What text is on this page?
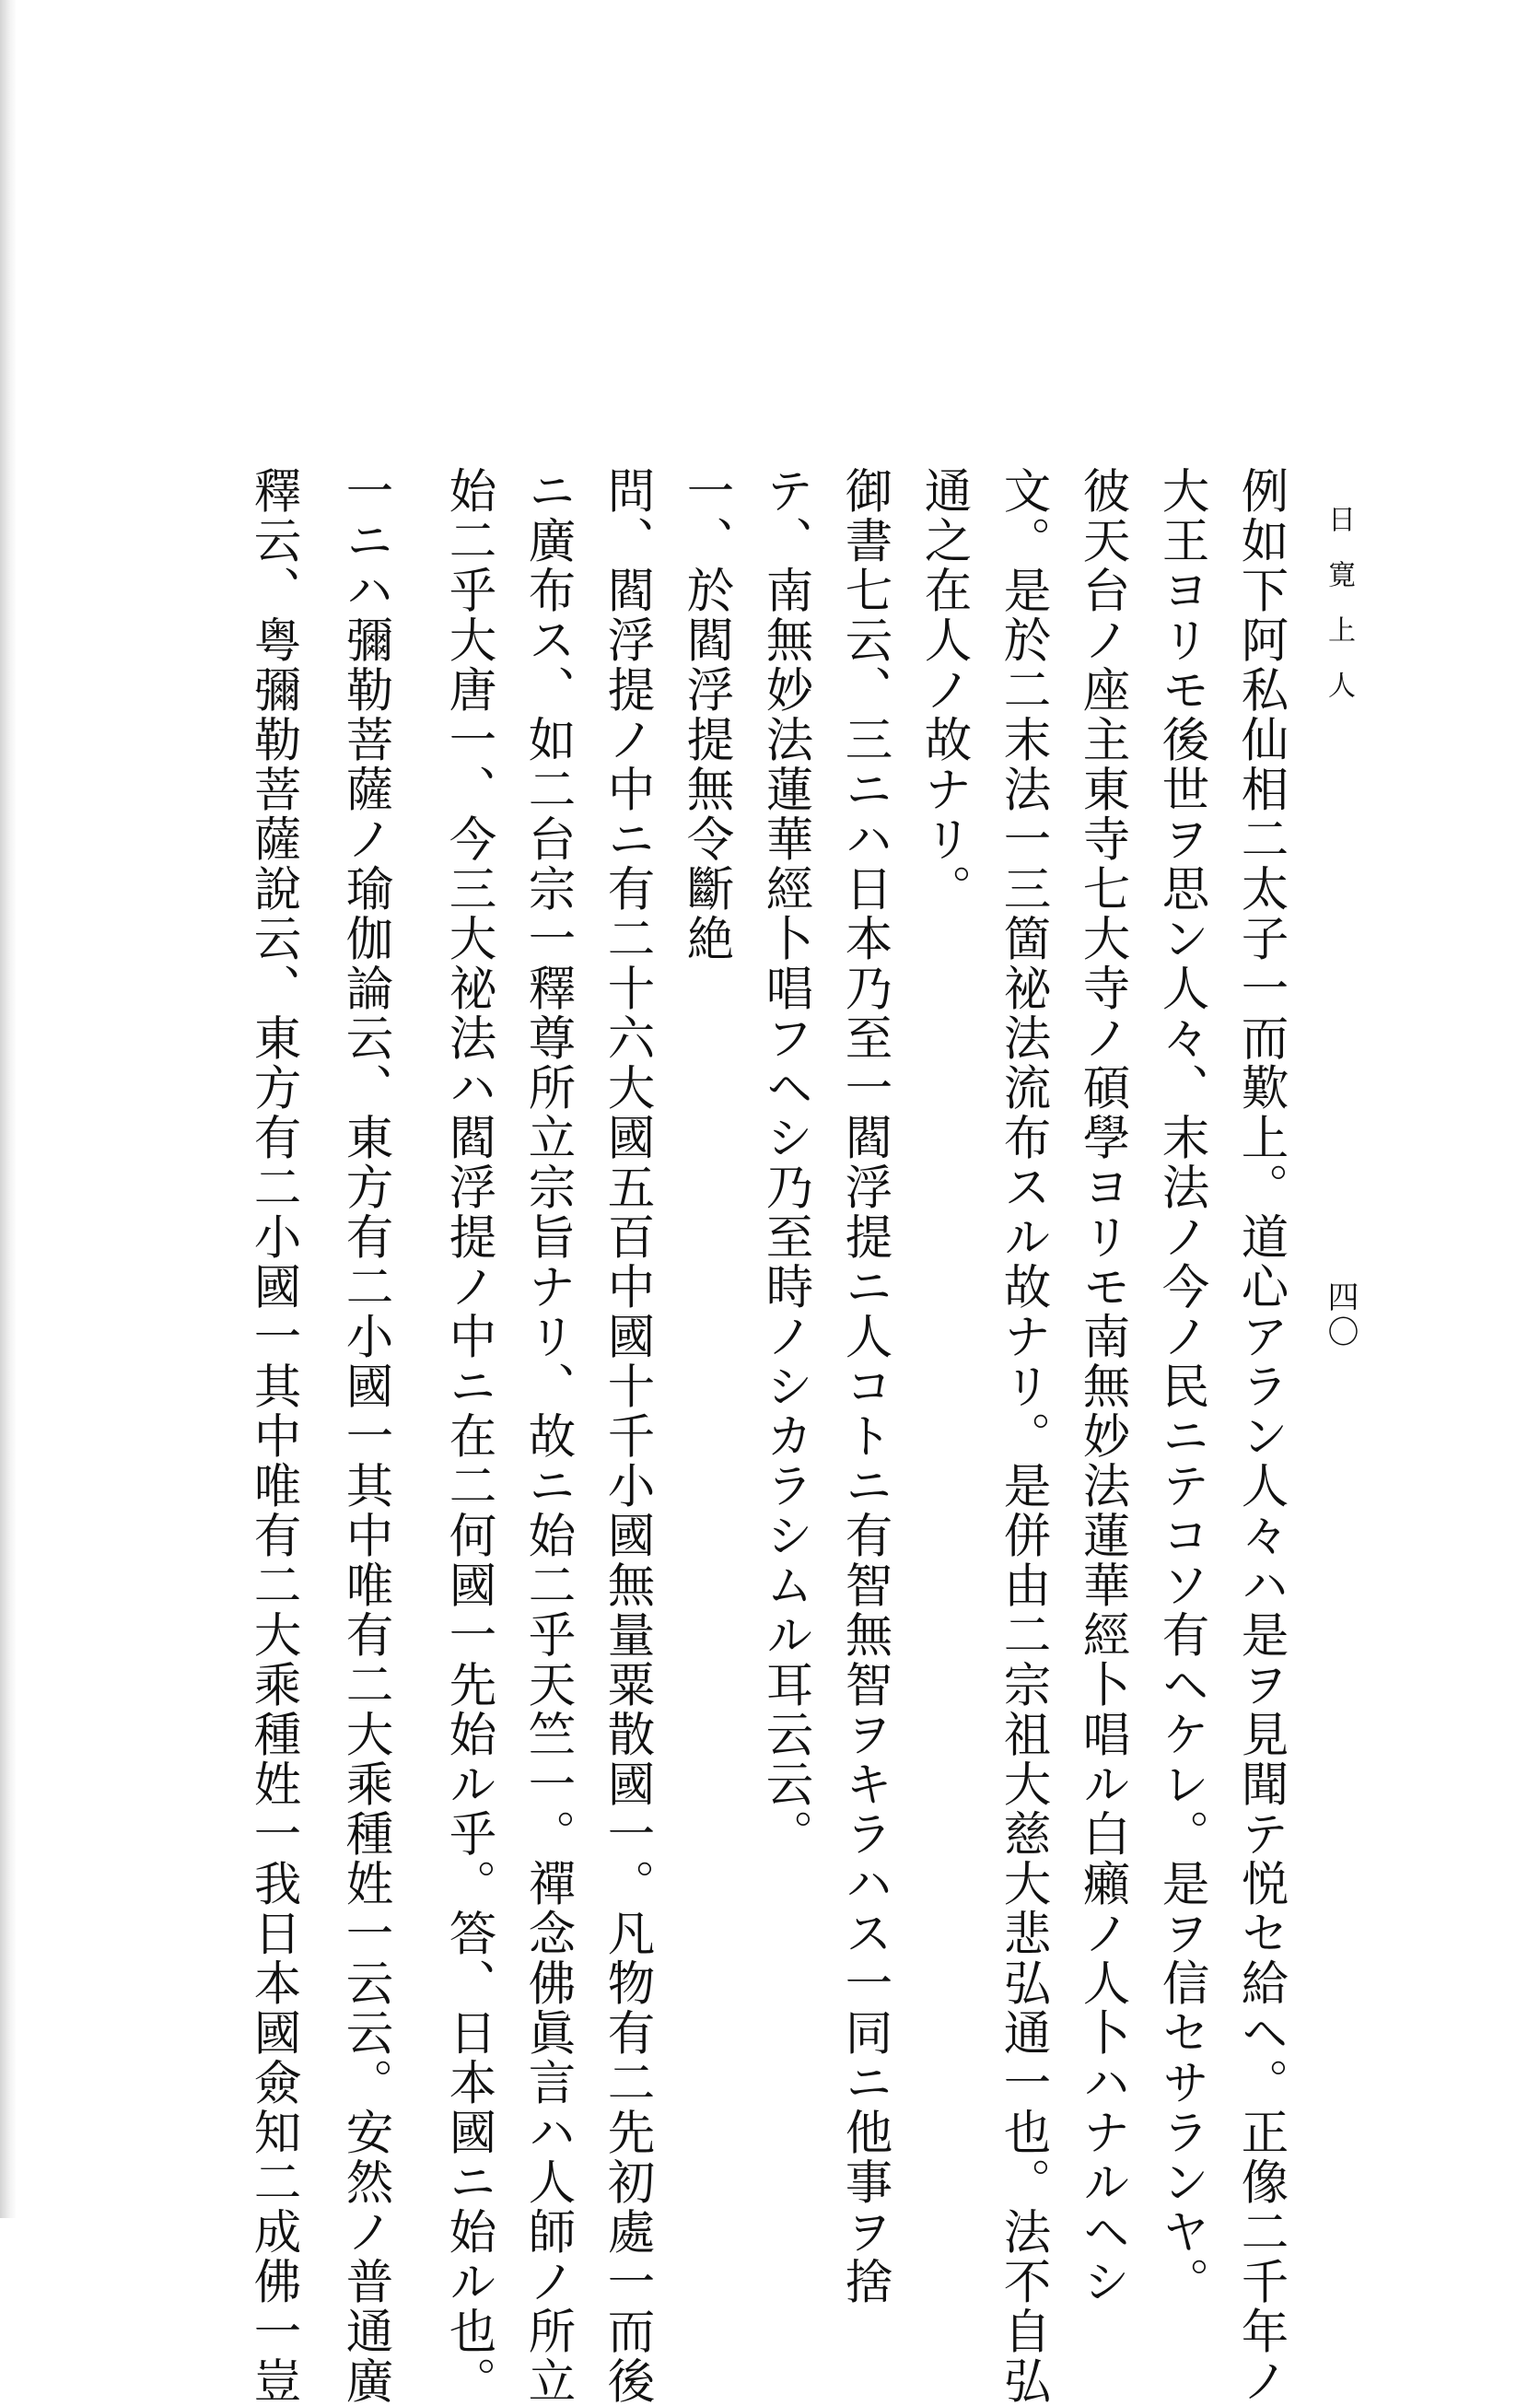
日寛上人
四〇
例如下阿私仙相二太子一而歎上。道心アラン人々ハ是ヲ見聞テ悦セ給ヘ。正像二千年ノ
大王ヨリモ後世ヲ思ン人々、末法ノ今ノ民ニテコソ有ヘケレ。是ヲ信セサランヤ。
彼天台ノ座主東寺七大寺ノ碩學ヨリモ南無妙法蓮華經卜唱ル白癩ノ人卜ハナルヘシ
文。是於二末法一三箇祕法流布スル故ナリ。是併由二宗祖大慈大悲弘通一也。法不自弘
通之在人ノ故ナリ。
御書七云、三ニハ日本乃至一閻浮提ニ人コトニ有智無智ヲキラハス一同ニ他事ヲ捨
テ、南無妙法蓮華經卜唱フヘシ乃至時ノシカラシムル耳云云。
一、於閻浮提無令斷絶
問、閻浮提ノ中ニ有二十六大國五百中國十千小國無量粟散國一。凡物有二先初處一而後
ニ廣布ス、如二台宗一釋尊所立宗旨ナリ、故ニ始二乎天竺一。禪念佛眞言ハ人師ノ所立
始二乎大唐一、今三大祕法ハ閻浮提ノ中ニ在二何國一先始ル乎。答、日本國ニ始ル也。
一ニハ彌勒菩薩ノ瑜伽論云、東方有二小國一其中唯有二大乘種姓一云云。安然ノ普通廣
釋云、粤彌勒菩薩說云、東方有二小國一其中唯有二大乘種姓一我日本國僉知二成佛一豈
